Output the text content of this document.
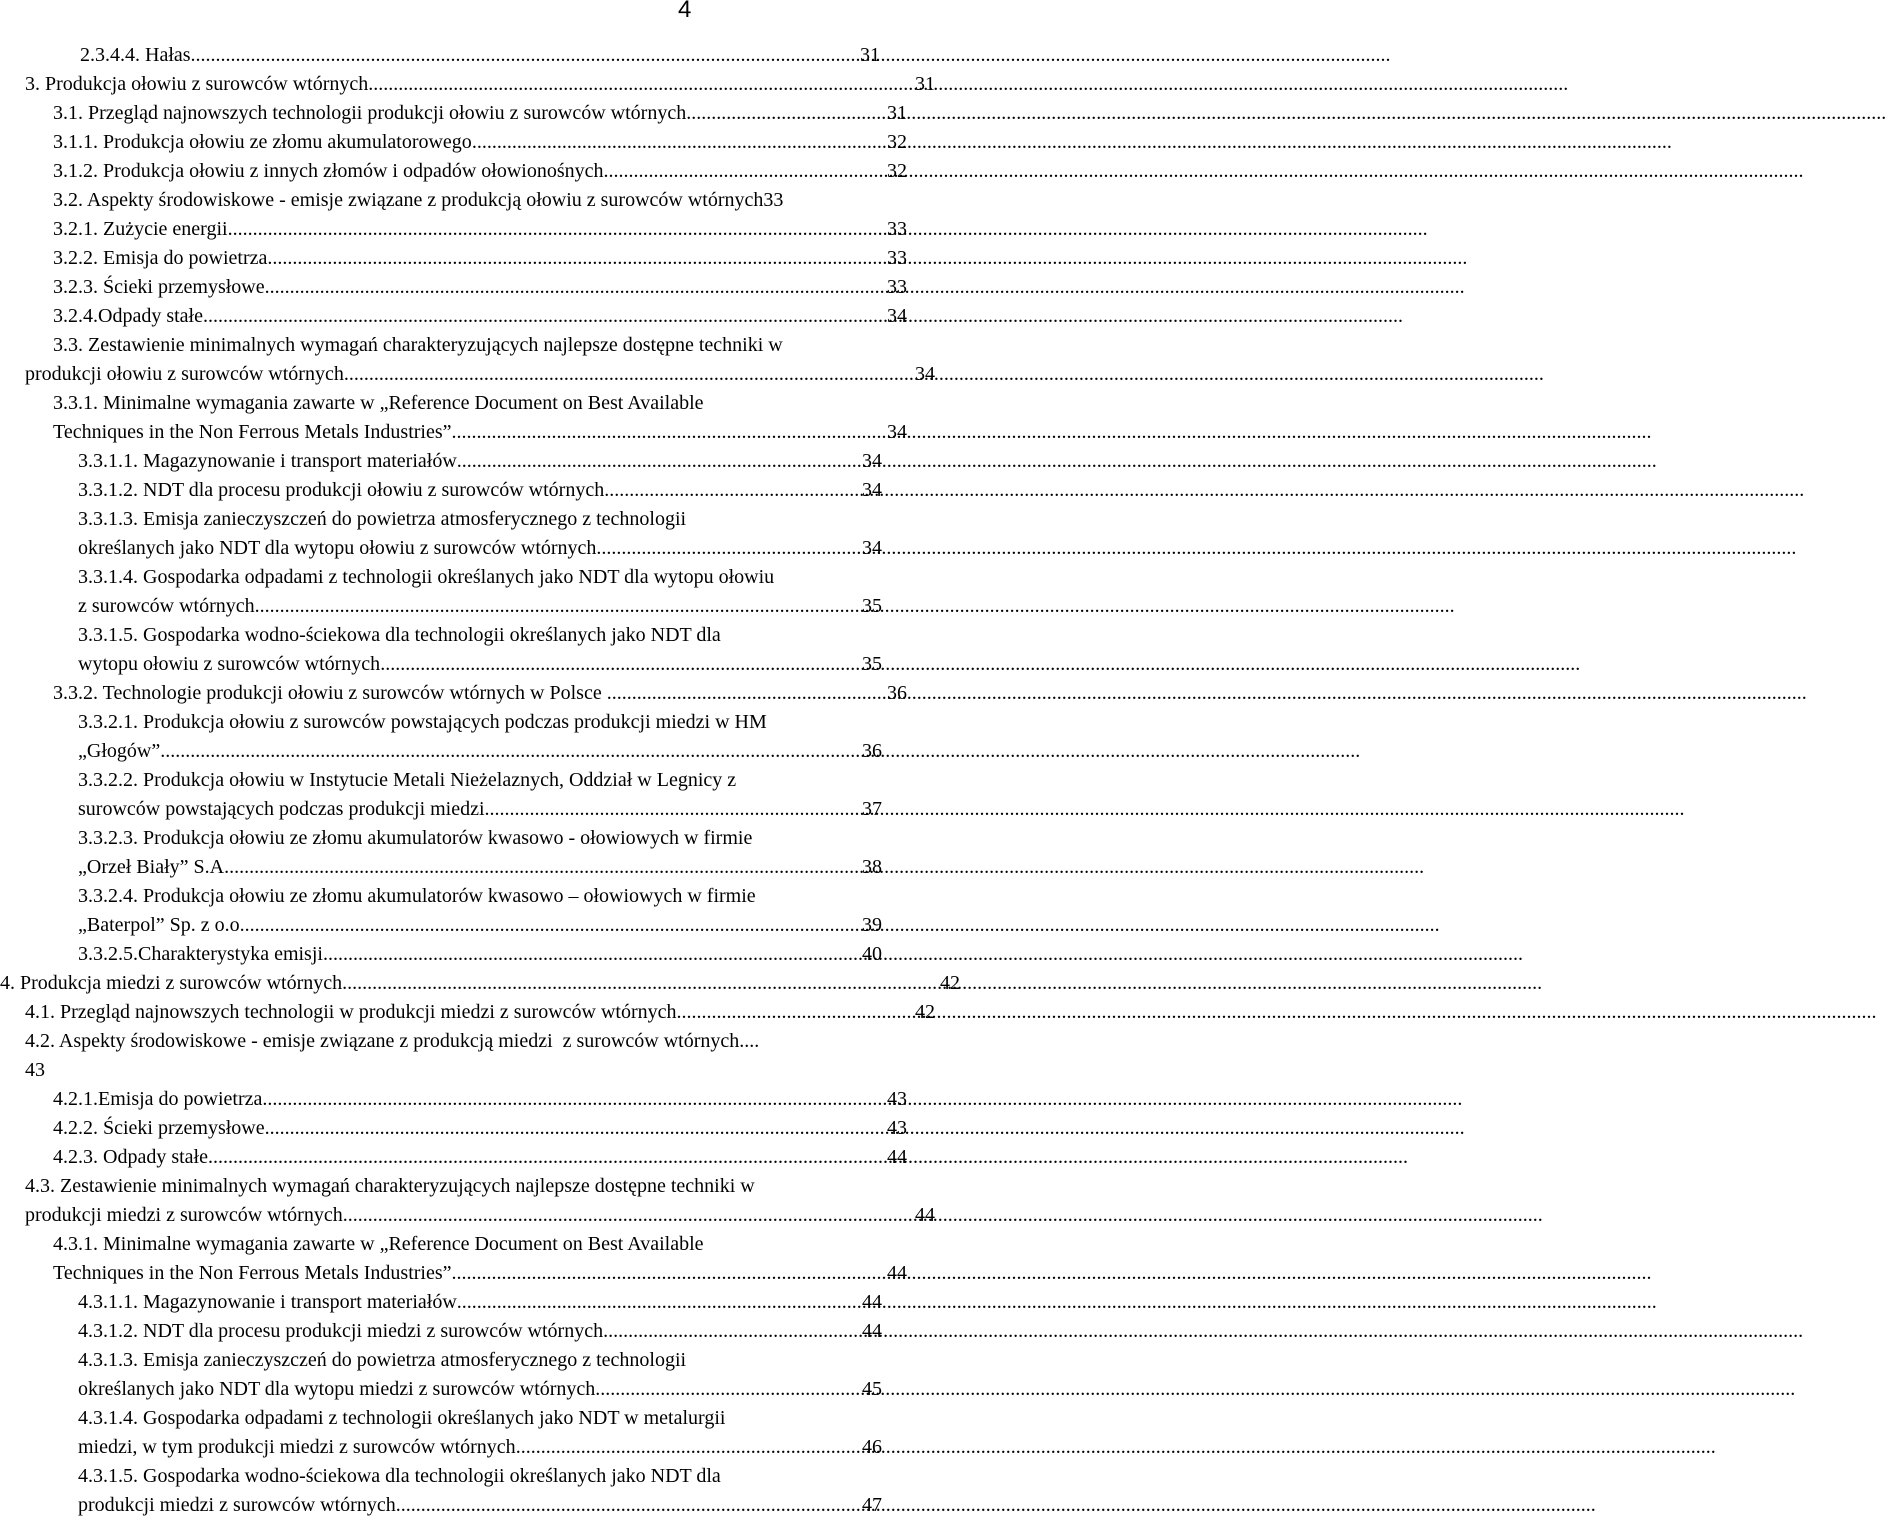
4
2.3.4.4. Hałas .....	31
3. Produkcja ołowiu z surowców wtórnych .....	31
3.1. Przegląd najnowszych technologii produkcji ołowiu z surowców wtórnych .....	31
3.1.1. Produkcja ołowiu ze złomu akumulatorowego .....	32
3.1.2. Produkcja ołowiu z innych złomów i odpadów ołowionośnych .....	32
3.2. Aspekty środowiskowe - emisje związane z produkcją ołowiu z surowców wtórnych 33
3.2.1. Zużycie energii .....	33
3.2.2. Emisja do powietrza .....	33
3.2.3. Ścieki przemysłowe .....	33
3.2.4.Odpady stałe .....	34
3.3. Zestawienie minimalnych wymagań charakteryzujących najlepsze dostępne techniki w
produkcji ołowiu z surowców wtórnych .....	34
3.3.1. Minimalne wymagania zawarte w „Reference Document on Best Available
Techniques in the Non Ferrous Metals Industries” .....	34
3.3.1.1. Magazynowanie i transport materiałów .....	34
3.3.1.2. NDT dla procesu produkcji ołowiu z surowców wtórnych .....	34
3.3.1.3. Emisja zanieczyszczeń do powietrza atmosferycznego z technologii
określanych jako NDT dla wytopu ołowiu z surowców wtórnych .....	34
3.3.1.4. Gospodarka odpadami z technologii określanych jako NDT dla wytopu ołowiu
z surowców wtórnych .....	35
3.3.1.5. Gospodarka wodno-ściekowa dla technologii określanych jako NDT dla
wytopu ołowiu z surowców wtórnych .....	35
3.3.2. Technologie produkcji ołowiu z surowców wtórnych w Polsce .....	36
3.3.2.1. Produkcja ołowiu z surowców powstających podczas produkcji miedzi w HM
„Głogów” .....	36
3.3.2.2. Produkcja ołowiu w Instytucie Metali Nieżelaznych, Oddział w Legnicy z
surowców powstających podczas produkcji miedzi .....	37
3.3.2.3. Produkcja ołowiu ze złomu akumulatorów kwasowo - ołowiowych w firmie
„Orzeł Biały” S.A .....	38
3.3.2.4. Produkcja ołowiu ze złomu akumulatorów kwasowo – ołowiowych w firmie
„Baterpol” Sp. z o.o .....	39
3.3.2.5.Charakterystyka emisji .....	40
4. Produkcja miedzi z surowców wtórnych .....	42
4.1. Przegląd najnowszych technologii w produkcji miedzi z surowców wtórnych .....	42
4.2. Aspekty środowiskowe - emisje związane z produkcją miedzi  z surowców wtórnych....
43
4.2.1.Emisja do powietrza .....	43
4.2.2. Ścieki przemysłowe .....	43
4.2.3. Odpady stałe .....	44
4.3. Zestawienie minimalnych wymagań charakteryzujących najlepsze dostępne techniki w
produkcji miedzi z surowców wtórnych .....	44
4.3.1. Minimalne wymagania zawarte w „Reference Document on Best Available
Techniques in the Non Ferrous Metals Industries” .....	44
4.3.1.1. Magazynowanie i transport materiałów .....	44
4.3.1.2. NDT dla procesu produkcji miedzi z surowców wtórnych .....	44
4.3.1.3. Emisja zanieczyszczeń do powietrza atmosferycznego z technologii
określanych jako NDT dla wytopu miedzi z surowców wtórnych .....	45
4.3.1.4. Gospodarka odpadami z technologii określanych jako NDT w metalurgii
miedzi, w tym produkcji miedzi z surowców wtórnych .....	46
4.3.1.5. Gospodarka wodno-ściekowa dla technologii określanych jako NDT dla
produkcji miedzi z surowców wtórnych .....	47
